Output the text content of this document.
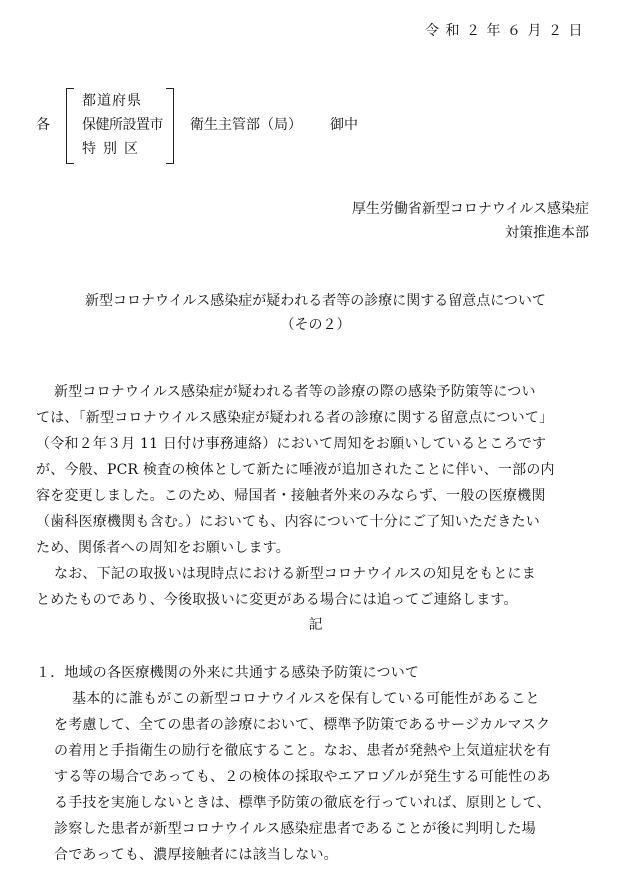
令和２年６月２日
各
都道府県
保健所設置市
特別区
衛生主管部（局） 御中
厚生労働省新型コロナウイルス感染症
対策推進本部
新型コロナウイルス感染症が疑われる者等の診療に関する留意点について
（その２）
新型コロナウイルス感染症が疑われる者等の診療の際の感染予防策等につい
ては、「新型コロナウイルス感染症が疑われる者の診療に関する留意点について」
（令和２年３月 11 日付け事務連絡）において周知をお願いしているところです
が、今般、PCR 検査の検体として新たに唾液が追加されたことに伴い、一部の内
容を変更しました。このため、帰国者・接触者外来のみならず、一般の医療機関
（歯科医療機関も含む。）においても、内容について十分にご了知いただきたい
ため、関係者への周知をお願いします。
なお、下記の取扱いは現時点における新型コロナウイルスの知見をもとにま
とめたものであり、今後取扱いに変更がある場合には追ってご連絡します。
記
１．地域の各医療機関の外来に共通する感染予防策について
基本的に誰もがこの新型コロナウイルスを保有している可能性があること
を考慮して、全ての患者の診療において、標準予防策であるサージカルマスク
の着用と手指衛生の励行を徹底すること。なお、患者が発熱や上気道症状を有
する等の場合であっても、２の検体の採取やエアロゾルが発生する可能性のあ
る手技を実施しないときは、標準予防策の徹底を行っていれば、原則として、
診察した患者が新型コロナウイルス感染症患者であることが後に判明した場
合であっても、濃厚接触者には該当しない。
